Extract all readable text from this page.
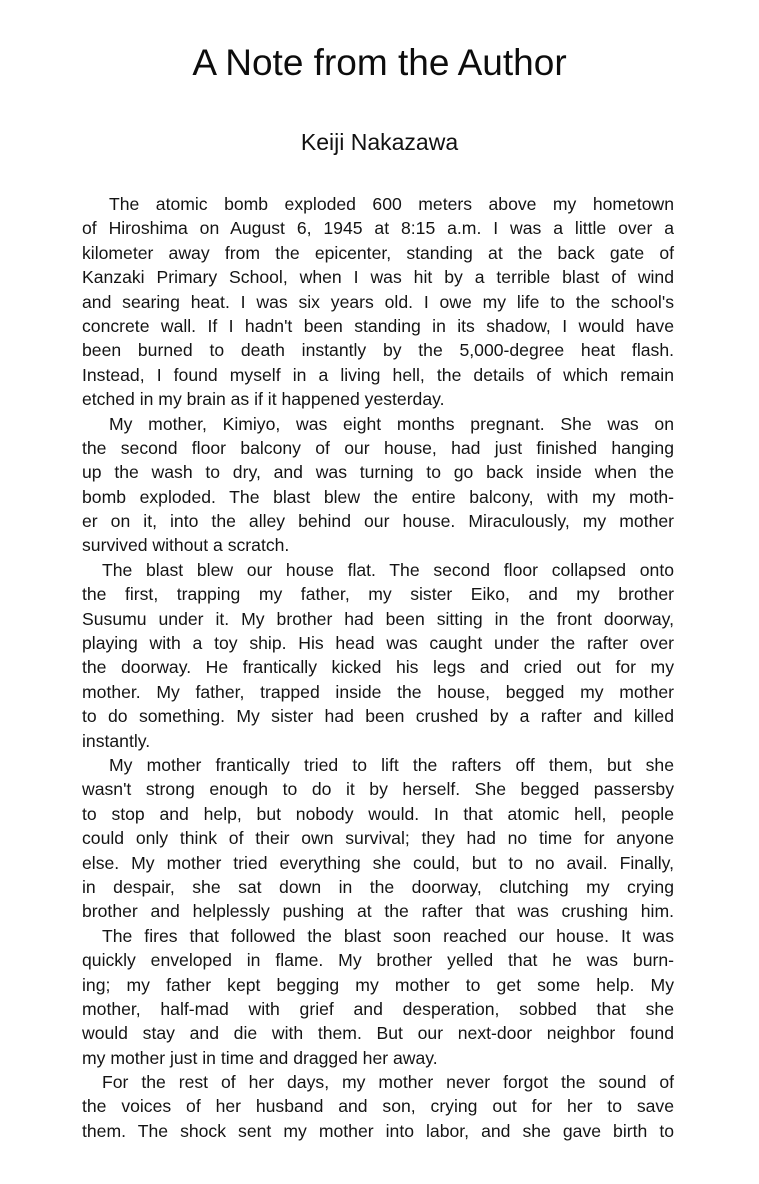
A Note from the Author
Keiji Nakazawa
The atomic bomb exploded 600 meters above my hometown
of Hiroshima on August 6, 1945 at 8:15 a.m. I was a little over a
kilometer away from the epicenter, standing at the back gate of
Kanzaki Primary School, when I was hit by a terrible blast of wind
and searing heat. I was six years old. I owe my life to the school's
concrete wall. If I hadn't been standing in its shadow, I would have
been burned to death instantly by the 5,000-degree heat flash.
Instead, I found myself in a living hell, the details of which remain
etched in my brain as if it happened yesterday.
My mother, Kimiyo, was eight months pregnant. She was on
the second floor balcony of our house, had just finished hanging
up the wash to dry, and was turning to go back inside when the
bomb exploded. The blast blew the entire balcony, with my moth-
er on it, into the alley behind our house. Miraculously, my mother
survived without a scratch.
The blast blew our house flat. The second floor collapsed onto
the first, trapping my father, my sister Eiko, and my brother
Susumu under it. My brother had been sitting in the front doorway,
playing with a toy ship. His head was caught under the rafter over
the doorway. He frantically kicked his legs and cried out for my
mother. My father, trapped inside the house, begged my mother
to do something. My sister had been crushed by a rafter and killed
instantly.
My mother frantically tried to lift the rafters off them, but she
wasn't strong enough to do it by herself. She begged passersby
to stop and help, but nobody would. In that atomic hell, people
could only think of their own survival; they had no time for anyone
else. My mother tried everything she could, but to no avail. Finally,
in despair, she sat down in the doorway, clutching my crying
brother and helplessly pushing at the rafter that was crushing him.
The fires that followed the blast soon reached our house. It was
quickly enveloped in flame. My brother yelled that he was burn-
ing; my father kept begging my mother to get some help. My
mother, half-mad with grief and desperation, sobbed that she
would stay and die with them. But our next-door neighbor found
my mother just in time and dragged her away.
For the rest of her days, my mother never forgot the sound of
the voices of her husband and son, crying out for her to save
them. The shock sent my mother into labor, and she gave birth to
